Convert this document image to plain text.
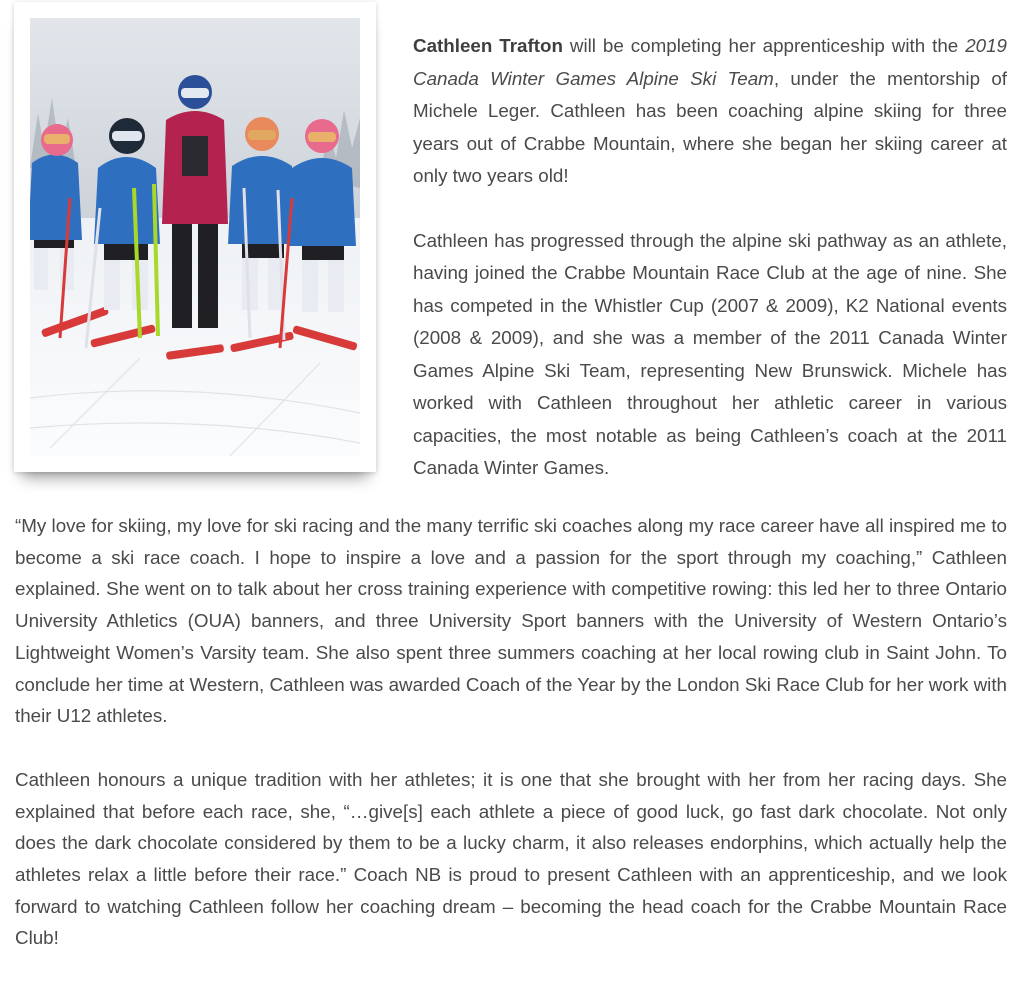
Cathleen Trafton will be completing her apprenticeship with the 2019 Canada Winter Games Alpine Ski Team, under the mentorship of Michele Leger. Cathleen has been coaching alpine skiing for three years out of Crabbe Mountain, where she began her skiing career at only two years old!

Cathleen has progressed through the alpine ski pathway as an athlete, having joined the Crabbe Mountain Race Club at the age of nine. She has competed in the Whistler Cup (2007 & 2009), K2 National events (2008 & 2009), and she was a member of the 2011 Canada Winter Games Alpine Ski Team, representing New Brunswick. Michele has worked with Cathleen throughout her athletic career in various capacities, the most notable as being Cathleen’s coach at the 2011 Canada Winter Games.

“My love for skiing, my love for ski racing and the many terrific ski coaches along my race career have all inspired me to become a ski race coach. I hope to inspire a love and a passion for the sport through my coaching,” Cathleen explained. She went on to talk about her cross training experience with competitive rowing: this led her to three Ontario University Athletics (OUA) banners, and three University Sport banners with the University of Western Ontario’s Lightweight Women’s Varsity team. She also spent three summers coaching at her local rowing club in Saint John. To conclude her time at Western, Cathleen was awarded Coach of the Year by the London Ski Race Club for her work with their U12 athletes.

Cathleen honours a unique tradition with her athletes; it is one that she brought with her from her racing days. She explained that before each race, she, “…give[s] each athlete a piece of good luck, go fast dark chocolate. Not only does the dark chocolate considered by them to be a lucky charm, it also releases endorphins, which actually help the athletes relax a little before their race.” Coach NB is proud to present Cathleen with an apprenticeship, and we look forward to watching Cathleen follow her coaching dream – becoming the head coach for the Crabbe Mountain Race Club!
